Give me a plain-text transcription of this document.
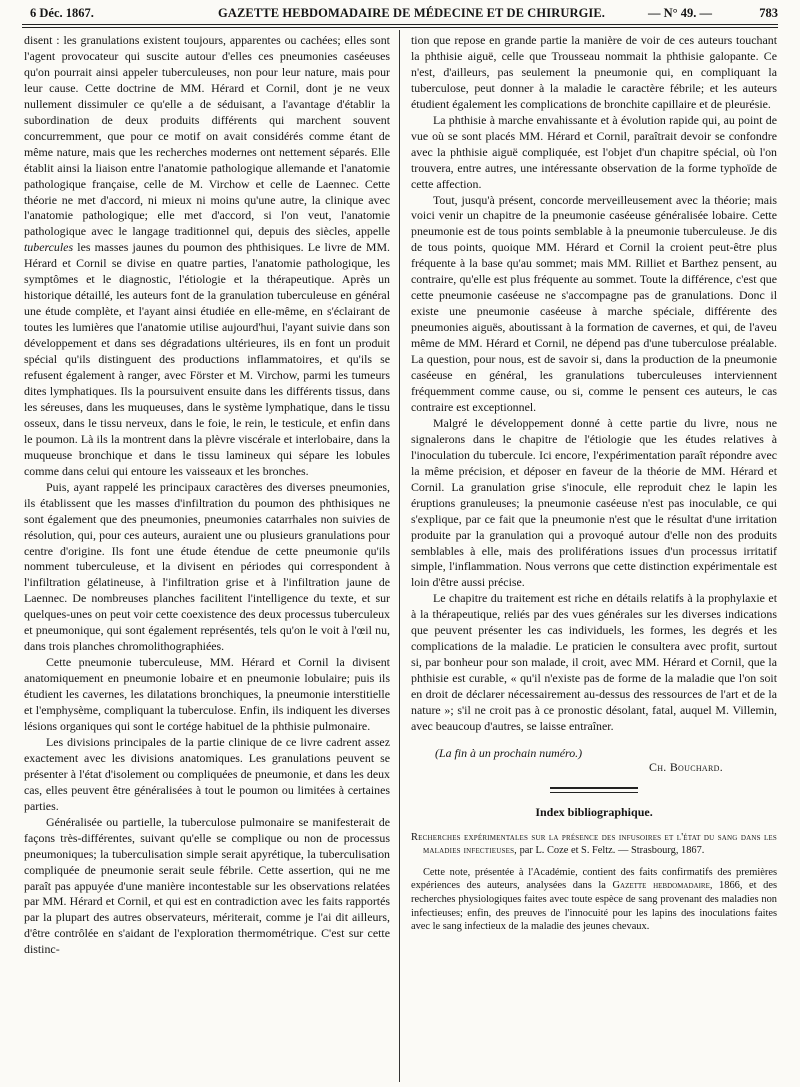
6 Déc. 1867.	GAZETTE HEBDOMADAIRE DE MÉDECINE ET DE CHIRURGIE.	— N° 49. —	783

disent : les granulations existent toujours, apparentes ou cachées; elles sont l'agent provocateur qui suscite autour d'elles ces pneumonies caséeuses qu'on pourrait ainsi appeler tuberculeuses, non pour leur nature, mais pour leur cause. Cette doctrine de MM. Hérard et Cornil, dont je ne veux nullement dissimuler ce qu'elle a de séduisant, a l'avantage d'établir la subordination de deux produits différents qui marchent souvent concurremment, que pour ce motif on avait considérés comme étant de même nature, mais que les recherches modernes ont nettement séparés. Elle établit ainsi la liaison entre l'anatomie pathologique allemande et l'anatomie pathologique française, celle de M. Virchow et celle de Laennec. Cette théorie ne met d'accord, ni mieux ni moins qu'une autre, la clinique avec l'anatomie pathologique; elle met d'accord, si l'on veut, l'anatomie pathologique avec le langage traditionnel qui, depuis des siècles, appelle tubercules les masses jaunes du poumon des phthisiques. Le livre de MM. Hérard et Cornil se divise en quatre parties, l'anatomie pathologique, les symptômes et le diagnostic, l'étiologie et la thérapeutique. Après un historique détaillé, les auteurs font de la granulation tuberculeuse en général une étude complète, et l'ayant ainsi étudiée en elle-même, en s'éclairant de toutes les lumières que l'anatomie utilise aujourd'hui, l'ayant suivie dans son développement et dans ses dégradations ultérieures, ils en font un produit spécial qu'ils distinguent des productions inflammatoires, et qu'ils se refusent également à ranger, avec Förster et M. Virchow, parmi les tumeurs dites lymphatiques. Ils la poursuivent ensuite dans les différents tissus, dans les séreuses, dans les muqueuses, dans le système lymphatique, dans le tissu osseux, dans le tissu nerveux, dans le foie, le rein, le testicule, et enfin dans le poumon. Là ils la montrent dans la plèvre viscérale et interlobaire, dans la muqueuse bronchique et dans le tissu lamineux qui sépare les lobules comme dans celui qui entoure les vaisseaux et les bronches.

Puis, ayant rappelé les principaux caractères des diverses pneumonies, ils établissent que les masses d'infiltration du poumon des phthisiques ne sont également que des pneumonies, pneumonies catarrhales non suivies de résolution, qui, pour ces auteurs, auraient une ou plusieurs granulations pour centre d'origine. Ils font une étude étendue de cette pneumonie qu'ils nomment tuberculeuse, et la divisent en périodes qui correspondent à l'infiltration gélatineuse, à l'infiltration grise et à l'infiltration jaune de Laennec. De nombreuses planches facilitent l'intelligence du texte, et sur quelques-unes on peut voir cette coexistence des deux processus tuberculeux et pneumonique, qui sont également représentés, tels qu'on le voit à l'œil nu, dans trois planches chromolithographiées.

Cette pneumonie tuberculeuse, MM. Hérard et Cornil la divisent anatomiquement en pneumonie lobaire et en pneumonie lobulaire; puis ils étudient les cavernes, les dilatations bronchiques, la pneumonie interstitielle et l'emphysème, compliquant la tuberculose. Enfin, ils indiquent les diverses lésions organiques qui sont le cortége habituel de la phthisie pulmonaire.

Les divisions principales de la partie clinique de ce livre cadrent assez exactement avec les divisions anatomiques. Les granulations peuvent se présenter à l'état d'isolement ou compliquées de pneumonie, et dans les deux cas, elles peuvent être généralisées à tout le poumon ou limitées à certaines parties.

Généralisée ou partielle, la tuberculose pulmonaire se manifesterait de façons très-différentes, suivant qu'elle se complique ou non de processus pneumoniques; la tuberculisation simple serait apyrétique, la tuberculisation compliquée de pneumonie serait seule fébrile. Cette assertion, qui ne me paraît pas appuyée d'une manière incontestable sur les observations relatées par MM. Hérard et Cornil, et qui est en contradiction avec les faits rapportés par la plupart des autres observateurs, mériterait, comme je l'ai dit ailleurs, d'être contrôlée en s'aidant de l'exploration thermométrique. C'est sur cette distinc-

tion que repose en grande partie la manière de voir de ces auteurs touchant la phthisie aiguë, celle que Trousseau nommait la phthisie galopante. Ce n'est, d'ailleurs, pas seulement la pneumonie qui, en compliquant la tuberculose, peut donner à la maladie le caractère fébrile; et les auteurs étudient également les complications de bronchite capillaire et de pleurésie.

La phthisie à marche envahissante et à évolution rapide qui, au point de vue où se sont placés MM. Hérard et Cornil, paraîtrait devoir se confondre avec la phthisie aiguë compliquée, est l'objet d'un chapitre spécial, où l'on trouvera, entre autres, une intéressante observation de la forme typhoïde de cette affection.

Tout, jusqu'à présent, concorde merveilleusement avec la théorie; mais voici venir un chapitre de la pneumonie caséeuse généralisée lobaire. Cette pneumonie est de tous points semblable à la pneumonie tuberculeuse. Je dis de tous points, quoique MM. Hérard et Cornil la croient peut-être plus fréquente à la base qu'au sommet; mais MM. Rilliet et Barthez pensent, au contraire, qu'elle est plus fréquente au sommet. Toute la différence, c'est que cette pneumonie caséeuse ne s'accompagne pas de granulations. Donc il existe une pneumonie caséeuse à marche spéciale, différente des pneumonies aiguës, aboutissant à la formation de cavernes, et qui, de l'aveu même de MM. Hérard et Cornil, ne dépend pas d'une tuberculose préalable. La question, pour nous, est de savoir si, dans la production de la pneumonie caséeuse en général, les granulations tuberculeuses interviennent fréquemment comme cause, ou si, comme le pensent ces auteurs, le cas contraire est exceptionnel.

Malgré le développement donné à cette partie du livre, nous ne signalerons dans le chapitre de l'étiologie que les études relatives à l'inoculation du tubercule. Ici encore, l'expérimentation paraît répondre avec la même précision, et déposer en faveur de la théorie de MM. Hérard et Cornil. La granulation grise s'inocule, elle reproduit chez le lapin les éruptions granuleuses; la pneumonie caséeuse n'est pas inoculable, ce qui s'explique, par ce fait que la pneumonie n'est que le résultat d'une irritation produite par la granulation qui a provoqué autour d'elle non des produits semblables à elle, mais des proliférations issues d'un processus irritatif simple, l'inflammation. Nous verrons que cette distinction expérimentale est loin d'être aussi précise.

Le chapitre du traitement est riche en détails relatifs à la prophylaxie et à la thérapeutique, reliés par des vues générales sur les diverses indications que peuvent présenter les cas individuels, les formes, les degrés et les complications de la maladie. Le praticien le consultera avec profit, surtout si, par bonheur pour son malade, il croit, avec MM. Hérard et Cornil, que la phthisie est curable, « qu'il n'existe pas de forme de la maladie que l'on soit en droit de déclarer nécessairement au-dessus des ressources de l'art et de la nature »; s'il ne croit pas à ce pronostic désolant, fatal, auquel M. Villemin, avec beaucoup d'autres, se laisse entraîner.

(La fin à un prochain numéro.)
Ch. Bouchard.
Index bibliographique.
Recherches expérimentales sur la présence des infusoires et l'état du sang dans les maladies infectieuses, par L. Coze et S. Feltz. — Strasbourg, 1867.
Cette note, présentée à l'Académie, contient des faits confirmatifs des premières expériences des auteurs, analysées dans la Gazette hebdomadaire, 1866, et des recherches physiologiques faites avec toute espèce de sang provenant des maladies non infectieuses; enfin, des preuves de l'innocuité pour les lapins des inoculations faites avec le sang infectieux de la maladie des jeunes chevaux.
